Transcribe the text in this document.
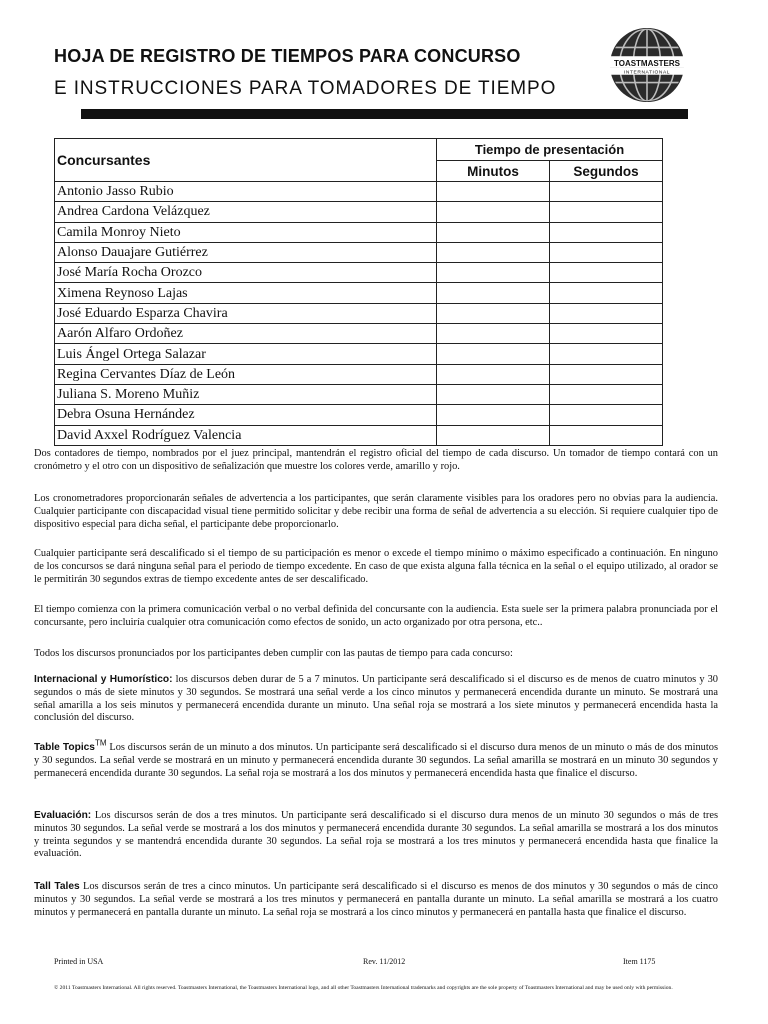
HOJA DE REGISTRO DE TIEMPOS PARA CONCURSO
E INSTRUCCIONES PARA TOMADORES DE TIEMPO
TOASTMASTERS
INTERNATIONAL
Concursantes	Tiempo de presentación	
	Minutos	Segundos
Antonio Jasso Rubio		
Andrea Cardona Velázquez		
Camila Monroy Nieto		
Alonso Dauajare Gutiérrez		
José María Rocha Orozco		
Ximena Reynoso Lajas		
José Eduardo Esparza Chavira		
Aarón Alfaro Ordoñez		
Luis Ángel Ortega Salazar		
Regina Cervantes Díaz de León		
Juliana S. Moreno Muñiz		
Debra Osuna Hernández		
David Axxel Rodríguez Valencia		
Dos contadores de tiempo, nombrados por el juez principal, mantendrán el registro oficial del tiempo de cada discurso. Un tomador de tiempo contará con un cronómetro y el otro con un dispositivo de señalización que muestre los colores verde, amarillo y rojo.
Los cronometradores proporcionarán señales de advertencia a los participantes, que serán claramente visibles para los oradores pero no obvias para la audiencia. Cualquier participante con discapacidad visual tiene permitido solicitar y debe recibir una forma de señal de advertencia a su elección. Si requiere cualquier tipo de dispositivo especial para dicha señal, el participante debe proporcionarlo.
Cualquier participante será descalificado si el tiempo de su participación es menor o excede el tiempo mínimo o máximo especificado a continuación. En ninguno de los concursos se dará ninguna señal para el periodo de tiempo excedente. En caso de que exista alguna falla técnica en la señal o el equipo utilizado, al orador se le permitirán 30 segundos extras de tiempo excedente antes de ser descalificado.
El tiempo comienza con la primera comunicación verbal o no verbal definida del concursante con la audiencia. Esta suele ser la primera palabra pronunciada por el concursante, pero incluiría cualquier otra comunicación como efectos de sonido, un acto organizado por otra persona, etc..
Todos los discursos pronunciados por los participantes deben cumplir con las pautas de tiempo para cada concurso:
Internacional y Humorístico: los discursos deben durar de 5 a 7 minutos. Un participante será descalificado si el discurso es de menos de cuatro minutos y 30 segundos o más de siete minutos y 30 segundos. Se mostrará una señal verde a los cinco minutos y permanecerá encendida durante un minuto. Se mostrará una señal amarilla a los seis minutos y permanecerá encendida durante un minuto. Una señal roja se mostrará a los siete minutos y permanecerá encendida hasta la conclusión del discurso.
Table Topics™ Los discursos serán de un minuto a dos minutos. Un participante será descalificado si el discurso dura menos de un minuto o más de dos minutos y 30 segundos. La señal verde se mostrará en un minuto y permanecerá encendida durante 30 segundos. La señal amarilla se mostrará en un minuto 30 segundos y permanecerá encendida durante 30 segundos. La señal roja se mostrará a los dos minutos y permanecerá encendida hasta que finalice el discurso.
Evaluación: Los discursos serán de dos a tres minutos. Un participante será descalificado si el discurso dura menos de un minuto 30 segundos o más de tres minutos 30 segundos. La señal verde se mostrará a los dos minutos y permanecerá encendida durante 30 segundos. La señal amarilla se mostrará a los dos minutos y treinta segundos y se mantendrá encendida durante 30 segundos. La señal roja se mostrará a los tres minutos y permanecerá encendida hasta que finalice la evaluación.
Tall Tales Los discursos serán de tres a cinco minutos. Un participante será descalificado si el discurso es menos de dos minutos y 30 segundos o más de cinco minutos y 30 segundos. La señal verde se mostrará a los tres minutos y permanecerá en pantalla durante un minuto. La señal amarilla se mostrará a los cuatro minutos y permanecerá en pantalla durante un minuto. La señal roja se mostrará a los cinco minutos y permanecerá en pantalla hasta que finalice el discurso.
Printed in USA	Rev. 11/2012	Item 1175
© 2011 Toastmasters International. All rights reserved. Toastmasters International, the Toastmasters International logo, and all other Toastmasters International trademarks and copyrights are the sole property of Toastmasters International and may be used only with permission.
